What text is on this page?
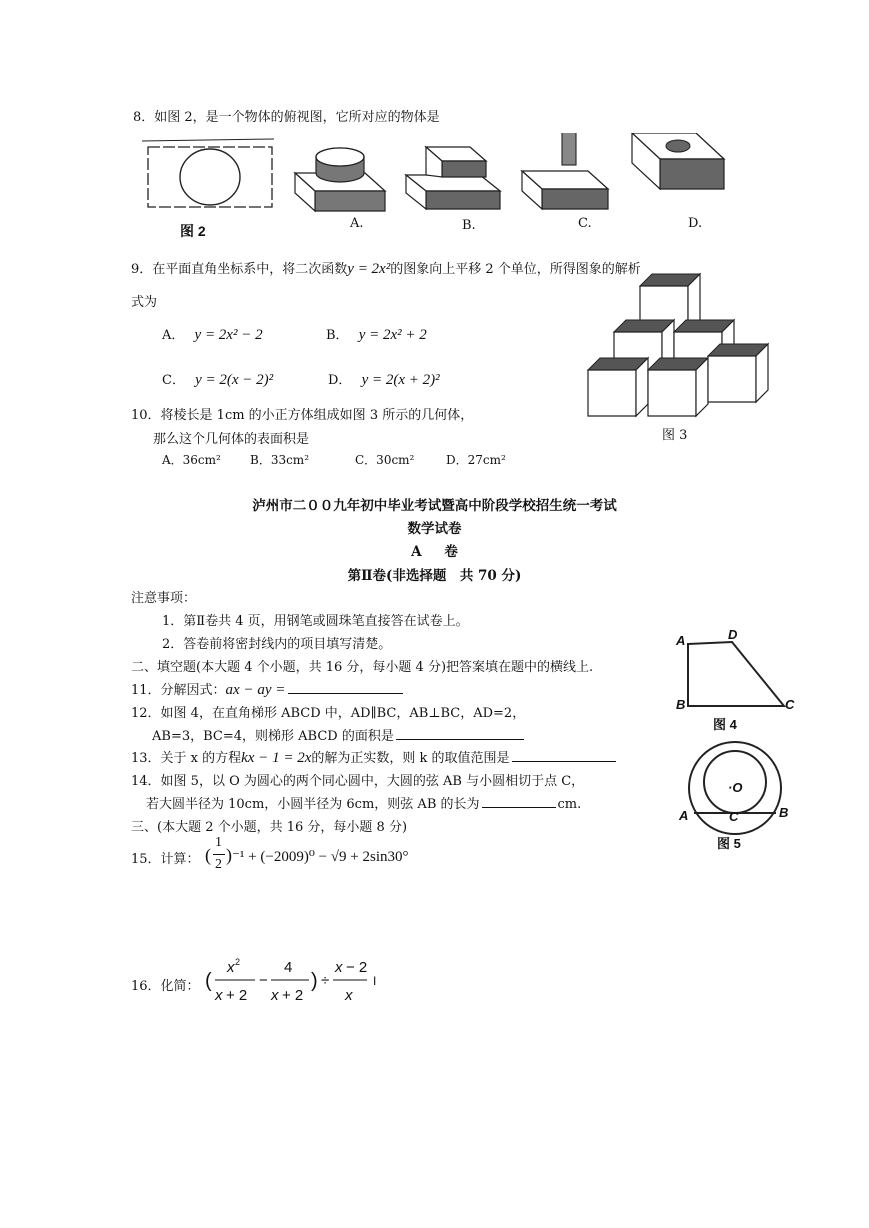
8．如图 2，是一个物体的俯视图，它所对应的物体是
图 2	A.	B.	C.	D.
9．在平面直角坐标系中，将二次函数y = 2x²的图象向上平移 2 个单位，所得图象的解析
式为
A． y = 2x² − 2	B． y = 2x² + 2
C． y = 2(x − 2)²	D． y = 2(x + 2)²
图 3
10．将棱长是 1cm 的小正方体组成如图 3 所示的几何体，
那么这个几何体的表面积是
A．36cm² B．33cm²	C．30cm²	D．27cm²
泸州市二００九年初中毕业考试暨高中阶段学校招生统一考试
数学试卷
A 　 卷
第Ⅱ卷(非选择题　共 70 分)
注意事项：
1．第Ⅱ卷共 4 页，用钢笔或圆珠笔直接答在试卷上。
2．答卷前将密封线内的项目填写清楚。
二、填空题(本大题 4 个小题，共 16 分，每小题 4 分)把答案填在题中的横线上.
11．分解因式：ax − ay =
12．如图 4，在直角梯形 ABCD 中，AD∥BC，AB⊥BC，AD=2，
AB=3，BC=4，则梯形 ABCD 的面积是
13．关于 x 的方程kx − 1 = 2x的解为正实数，则 k 的取值范围是
14．如图 5，以 O 为圆心的两个同心圆中，大圆的弦 AB 与小圆相切于点 C，
若大圆半径为 10cm，小圆半径为 6cm，则弦 AB 的长为	cm.
三、(本大题 2 个小题，共 16 分，每小题 8 分)
15．计算： (
1
2 ) ⁻¹ + (−2009)⁰ − √9 + 2sin30°
16．化简： (
x 2
x + 2
−
4
x + 2
) ÷
x − 2
x
I
A	D
B	C
图 4
·O
A	C	B
图 5
